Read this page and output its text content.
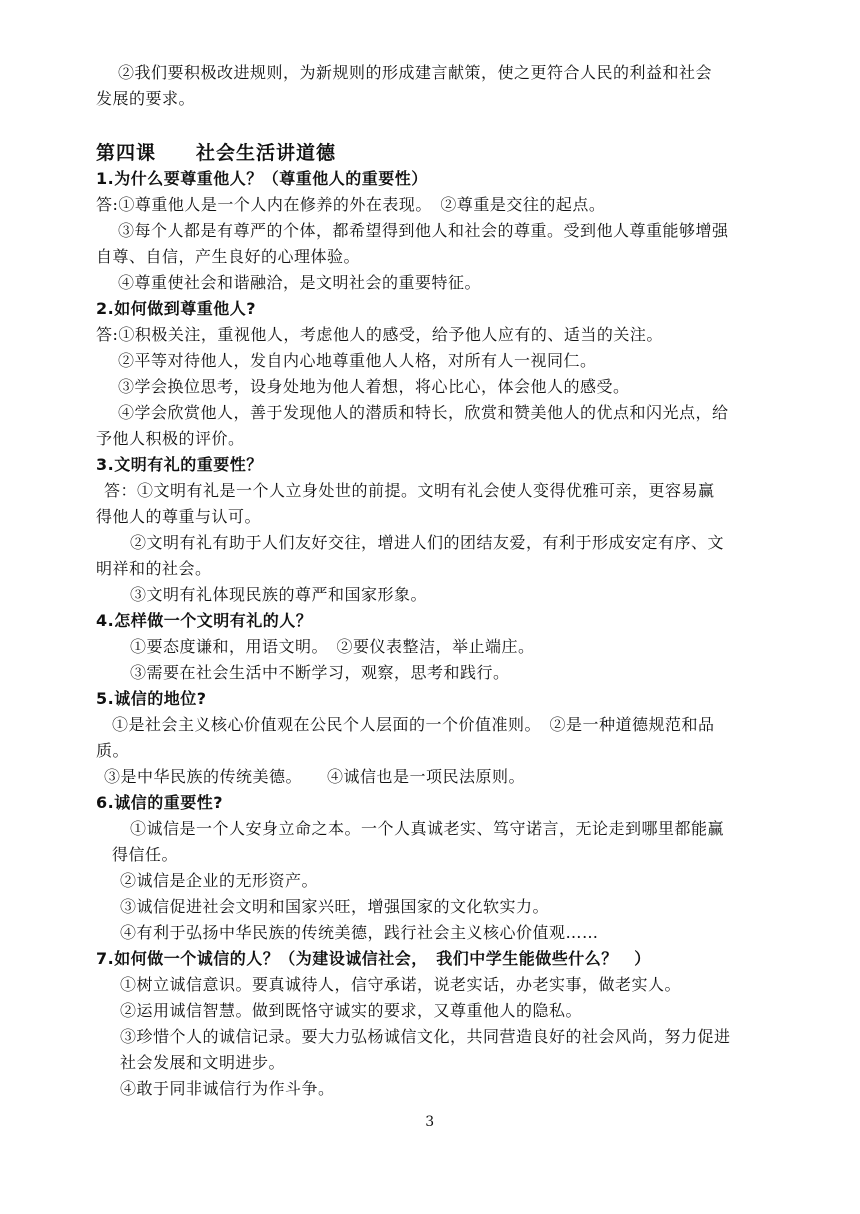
②我们要积极改进规则，为新规则的形成建言献策，使之更符合人民的利益和社会
发展的要求。
第四课　　社会生活讲道德
1.为什么要尊重他人？（尊重他人的重要性）
答:①尊重他人是一个人内在修养的外在表现。　②尊重是交往的起点。
③每个人都是有尊严的个体，都希望得到他人和社会的尊重。受到他人尊重能够增强
自尊、自信，产生良好的心理体验。
④尊重使社会和谐融洽，是文明社会的重要特征。
2.如何做到尊重他人?
答:①积极关注，重视他人，考虑他人的感受，给予他人应有的、适当的关注。
②平等对待他人，发自内心地尊重他人人格，对所有人一视同仁。
③学会换位思考，设身处地为他人着想，将心比心，体会他人的感受。
④学会欣赏他人，善于发现他人的潜质和特长，欣赏和赞美他人的优点和闪光点，给
予他人积极的评价。
3.文明有礼的重要性？
答：①文明有礼是一个人立身处世的前提。文明有礼会使人变得优雅可亲，更容易赢
得他人的尊重与认可。
②文明有礼有助于人们友好交往，增进人们的团结友爱，有利于形成安定有序、文
明祥和的社会。
③文明有礼体现民族的尊严和国家形象。
4.怎样做一个文明有礼的人？
①要态度谦和，用语文明。　②要仪表整洁，举止端庄。
③需要在社会生活中不断学习，观察，思考和践行。
5.诚信的地位?
①是社会主义核心价值观在公民个人层面的一个价值准则。　②是一种道德规范和品
质。
③是中华民族的传统美德。　　④诚信也是一项民法原则。
6.诚信的重要性?
①诚信是一个人安身立命之本。一个人真诚老实、笃守诺言，无论走到哪里都能赢
得信任。
②诚信是企业的无形资产。
③诚信促进社会文明和国家兴旺，增强国家的文化软实力。
④有利于弘扬中华民族的传统美德，践行社会主义核心价值观……
7.如何做一个诚信的人？（为建设诚信社会，　我们中学生能做些什么？　）
①树立诚信意识。要真诚待人，信守承诺，说老实话，办老实事，做老实人。
②运用诚信智慧。做到既恪守诚实的要求，又尊重他人的隐私。
③珍惜个人的诚信记录。要大力弘杨诚信文化，共同营造良好的社会风尚，努力促进
社会发展和文明进步。
④敢于同非诚信行为作斗争。
3
